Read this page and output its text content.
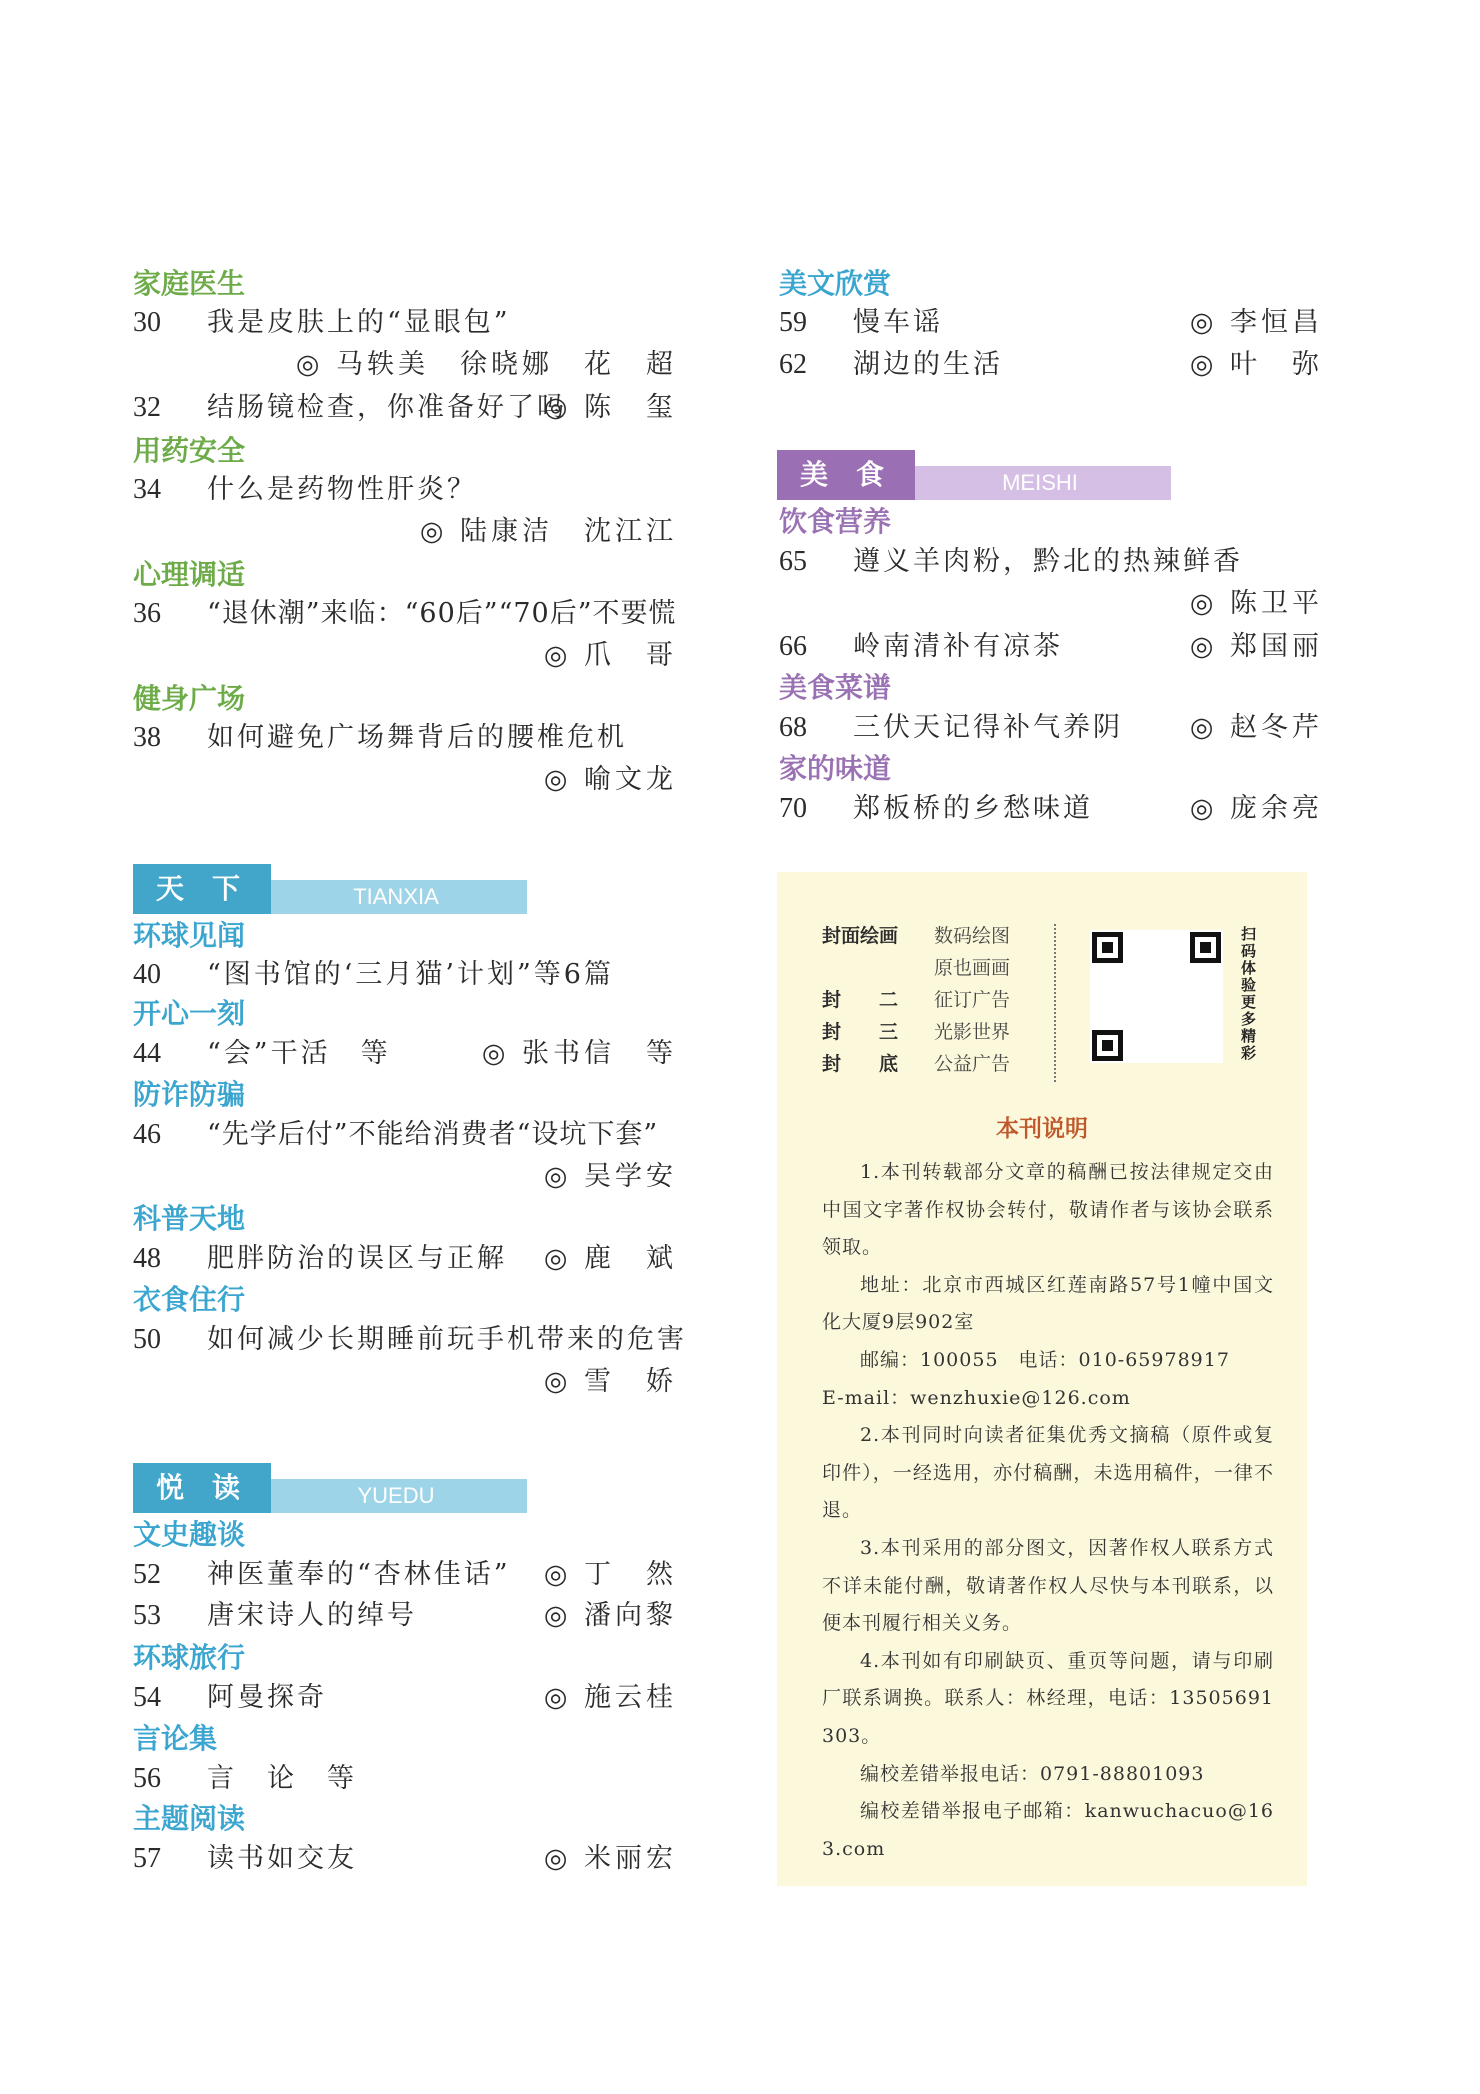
家庭医生
30 我是皮肤上的“显眼包”
◎ 马轶美　徐晓娜　花　超
32 结肠镜检查，你准备好了吗
◎ 陈　玺
用药安全
34 什么是药物性肝炎？
◎ 陆康洁　沈江江
心理调适
36 “退休潮”来临：“60后”“70后”不要慌
◎ 爪　哥
健身广场
38 如何避免广场舞背后的腰椎危机
◎ 喻文龙
TIANXIA
天下
环球见闻
40 “图书馆的‘三月猫’计划”等6篇
开心一刻
44 “会”干活　等	◎ 张书信　等
防诈防骗
46 “先学后付”不能给消费者“设坑下套”
◎ 吴学安
科普天地
48 肥胖防治的误区与正解 ◎ 鹿　斌
衣食住行
50 如何减少长期睡前玩手机带来的危害
◎ 雪　娇
YUEDU
悦读
文史趣谈
52 神医董奉的“杏林佳话” ◎ 丁　然
53 唐宋诗人的绰号	◎ 潘向黎
环球旅行
54 阿曼探奇	◎ 施云桂
言论集
56 言　论　等
主题阅读
57 读书如交友	◎ 米丽宏
美文欣赏
59 慢车谣	◎ 李恒昌
62 湖边的生活	◎ 叶　弥
MEISHI
美食
饮食营养
65 遵义羊肉粉，黔北的热辣鲜香
◎ 陈卫平
66 岭南清补有凉茶	◎ 郑国丽
美食菜谱
68 三伏天记得补气养阴 ◎ 赵冬芹
家的味道
70 郑板桥的乡愁味道	◎ 庞余亮
封面绘画 数码绘图
原也画画
封　　二 征订广告
封　　三 光影世界
封　　底 公益广告
扫码体验更多精彩
本刊说明

1.本刊转载部分文章的稿酬已按法律规定交由中国文字著作权协会转付，敬请作者与该协会联系领取。

地址：北京市西城区红莲南路57号1幢中国文化大厦9层902室

邮编：100055　电话：010-65978917

E-mail：wenzhuxie@126.com

2.本刊同时向读者征集优秀文摘稿（原件或复印件），一经选用，亦付稿酬，未选用稿件，一律不退。

3.本刊采用的部分图文，因著作权人联系方式不详未能付酬，敬请著作权人尽快与本刊联系，以便本刊履行相关义务。

4.本刊如有印刷缺页、重页等问题，请与印刷厂联系调换。联系人：林经理，电话：13505691303。

编校差错举报电话：0791-88801093

编校差错举报电子邮箱：kanwuchacuo@163.com
